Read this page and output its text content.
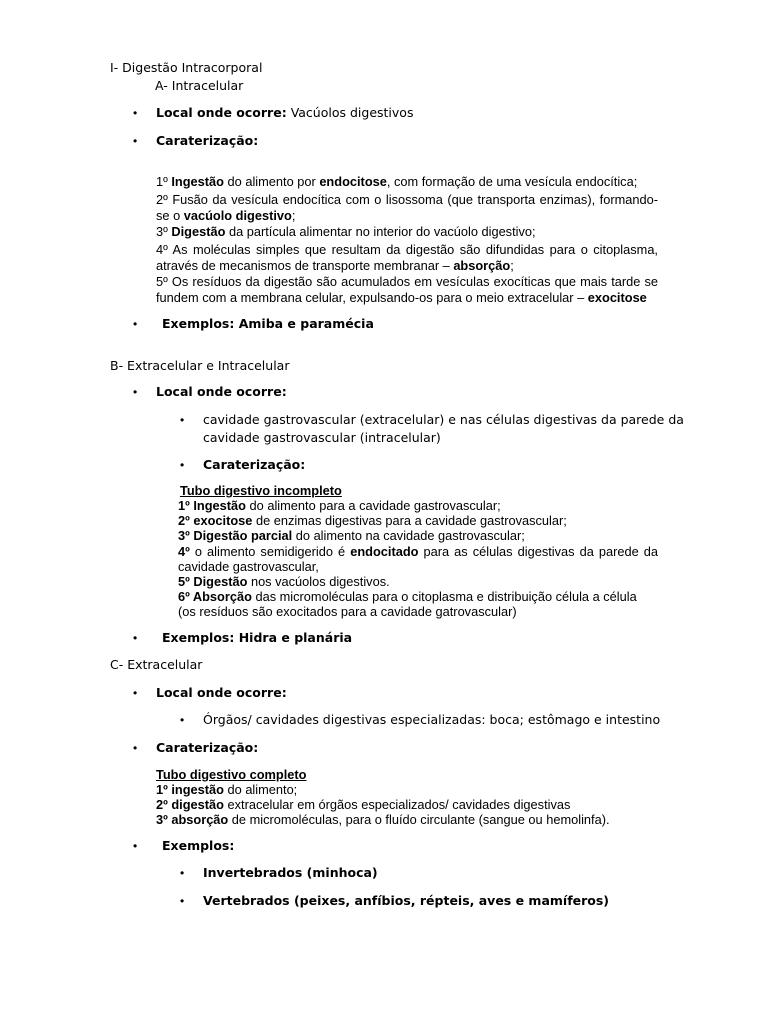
I- Digestão Intracorporal
A- Intracelular
• Local onde ocorre: Vacúolos digestivos
• Caraterização:
1º Ingestão do alimento por endocitose, com formação de uma vesícula endocítica;
2º Fusão da vesícula endocítica com o lisossoma (que transporta enzimas), formando-
se o vacúolo digestivo;
3º Digestão da partícula alimentar no interior do vacúolo digestivo;
4º As moléculas simples que resultam da digestão são difundidas para o citoplasma,
através de mecanismos de transporte membranar – absorção;
5º Os resíduos da digestão são acumulados em vesículas exocíticas que mais tarde se
fundem com a membrana celular, expulsando-os para o meio extracelular – exocitose
• Exemplos: Amiba e paramécia
B- Extracelular e Intracelular
• Local onde ocorre:
• cavidade gastrovascular (extracelular) e nas células digestivas da parede da
cavidade gastrovascular (intracelular)
• Caraterização:
Tubo digestivo incompleto
1º Ingestão do alimento para a cavidade gastrovascular;
2º exocitose de enzimas digestivas para a cavidade gastrovascular;
3º Digestão parcial do alimento na cavidade gastrovascular;
4º o alimento semidigerido é endocitado para as células digestivas da parede da
cavidade gastrovascular,
5º Digestão nos vacúolos digestivos.
6º Absorção das micromoléculas para o citoplasma e distribuição célula a célula
(os resíduos são exocitados para a cavidade gatrovascular)
• Exemplos: Hidra e planária
C- Extracelular
• Local onde ocorre:
• Órgãos/ cavidades digestivas especializadas: boca; estômago e intestino
• Caraterização:
Tubo digestivo completo
1º ingestão do alimento;
2º digestão extracelular em órgãos especializados/ cavidades digestivas
3º absorção de micromoléculas, para o fluído circulante (sangue ou hemolinfa).
• Exemplos:
• Invertebrados (minhoca)
• Vertebrados (peixes, anfíbios, répteis, aves e mamíferos)
